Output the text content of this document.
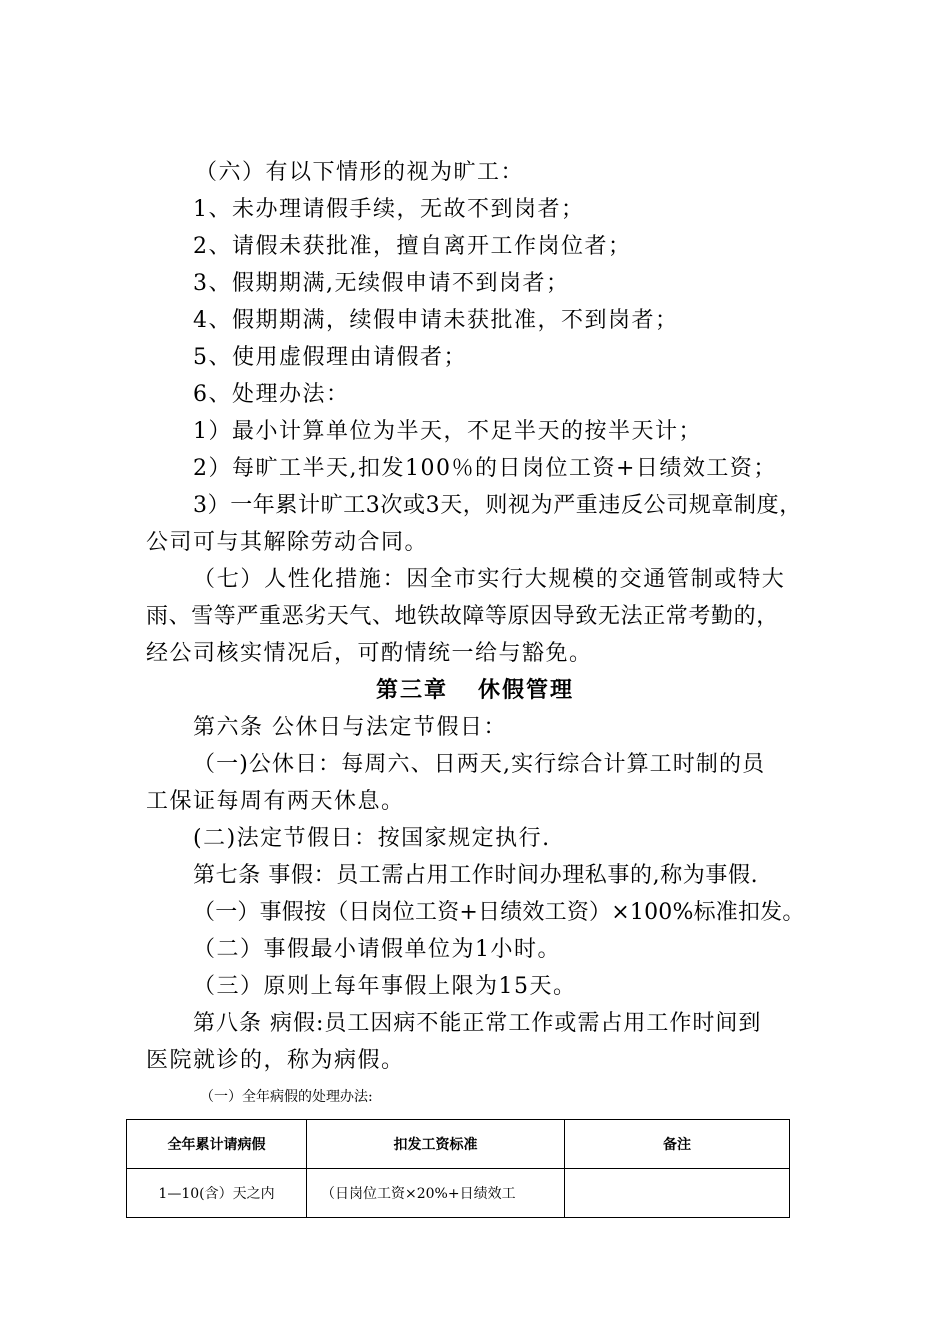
（六）有以下情形的视为旷工：
1、未办理请假手续，无故不到岗者；
2、请假未获批准，擅自离开工作岗位者；
3、假期期满,无续假申请不到岗者；
4、假期期满，续假申请未获批准，不到岗者；
5、使用虚假理由请假者；
6、处理办法：
1）最小计算单位为半天，不足半天的按半天计；
2）每旷工半天,扣发100％的日岗位工资+日绩效工资；
3）一年累计旷工3次或3天，则视为严重违反公司规章制度，
公司可与其解除劳动合同。
（七）人性化措施：因全市实行大规模的交通管制或特大
雨、雪等严重恶劣天气、地铁故障等原因导致无法正常考勤的，
经公司核实情况后，可酌情统一给与豁免。
第三章 休假管理
第六条 公休日与法定节假日：
（一)公休日：每周六、日两天,实行综合计算工时制的员
工保证每周有两天休息。
(二)法定节假日：按国家规定执行.
第七条 事假：员工需占用工作时间办理私事的,称为事假.
（一）事假按（日岗位工资+日绩效工资）×100%标准扣发。
（二）事假最小请假单位为1小时。
（三）原则上每年事假上限为15天。
第八条 病假:员工因病不能正常工作或需占用工作时间到
医院就诊的，称为病假。
（一）全年病假的处理办法:
全年累计请病假	扣发工资标准	备注
1—10(含）天之内	（日岗位工资×20%+日绩效工	
